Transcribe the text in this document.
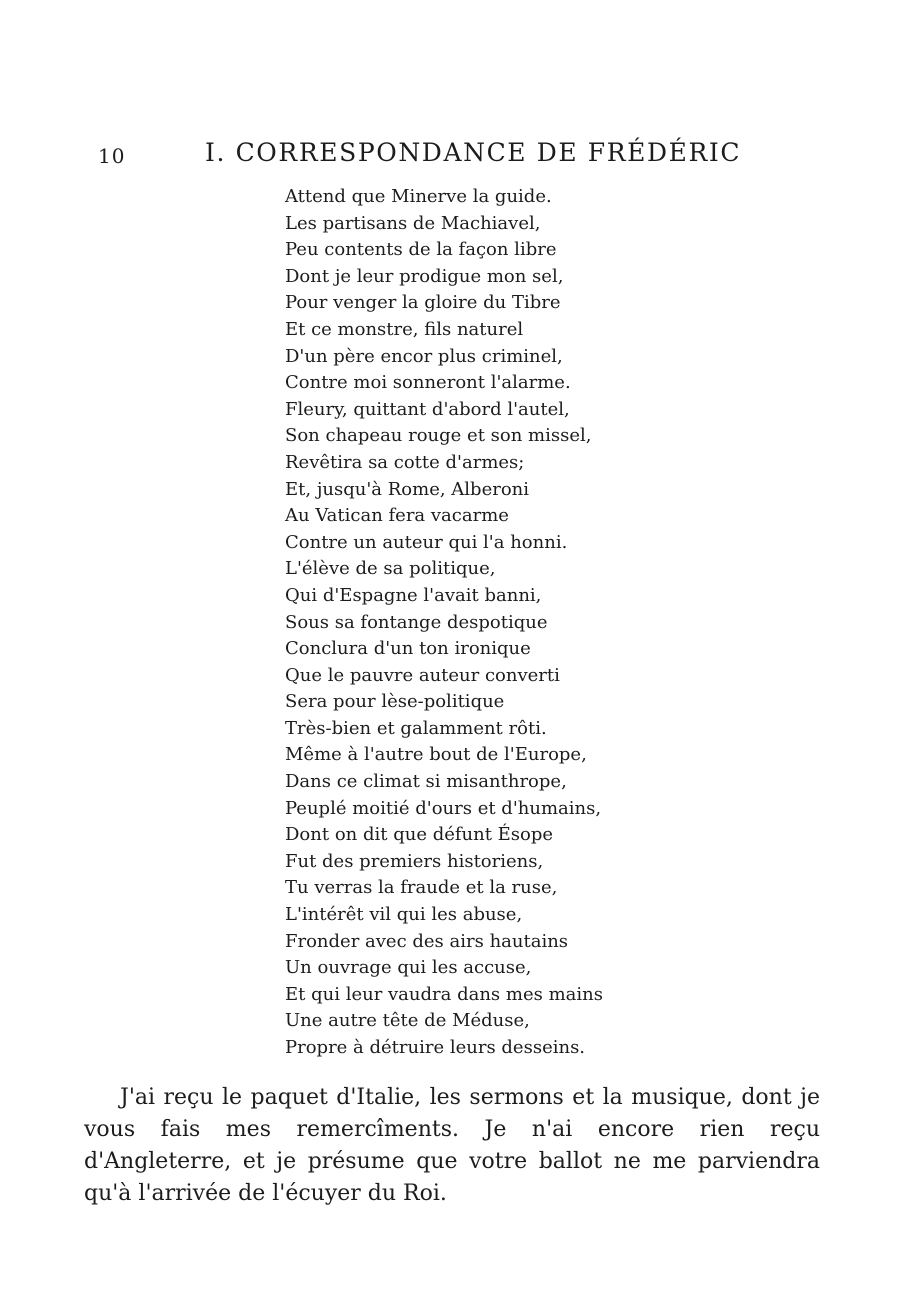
10	I. CORRESPONDANCE DE FRÉDÉRIC
Attend que Minerve la guide.
Les partisans de Machiavel,
Peu contents de la façon libre
Dont je leur prodigue mon sel,
Pour venger la gloire du Tibre
Et ce monstre, fils naturel
D'un père encor plus criminel,
Contre moi sonneront l'alarme.
Fleury, quittant d'abord l'autel,
Son chapeau rouge et son missel,
Revêtira sa cotte d'armes;
Et, jusqu'à Rome, Alberoni
Au Vatican fera vacarme
Contre un auteur qui l'a honni.
L'élève de sa politique,
Qui d'Espagne l'avait banni,
Sous sa fontange despotique
Conclura d'un ton ironique
Que le pauvre auteur converti
Sera pour lèse-politique
Très-bien et galamment rôti.
Même à l'autre bout de l'Europe,
Dans ce climat si misanthrope,
Peuplé moitié d'ours et d'humains,
Dont on dit que défunt Ésope
Fut des premiers historiens,
Tu verras la fraude et la ruse,
L'intérêt vil qui les abuse,
Fronder avec des airs hautains
Un ouvrage qui les accuse,
Et qui leur vaudra dans mes mains
Une autre tête de Méduse,
Propre à détruire leurs desseins.

J'ai reçu le paquet d'Italie, les sermons et la musique, dont je vous fais mes remercîments. Je n'ai encore rien reçu d'Angleterre, et je présume que votre ballot ne me parviendra qu'à l'arrivée de l'écuyer du Roi.
